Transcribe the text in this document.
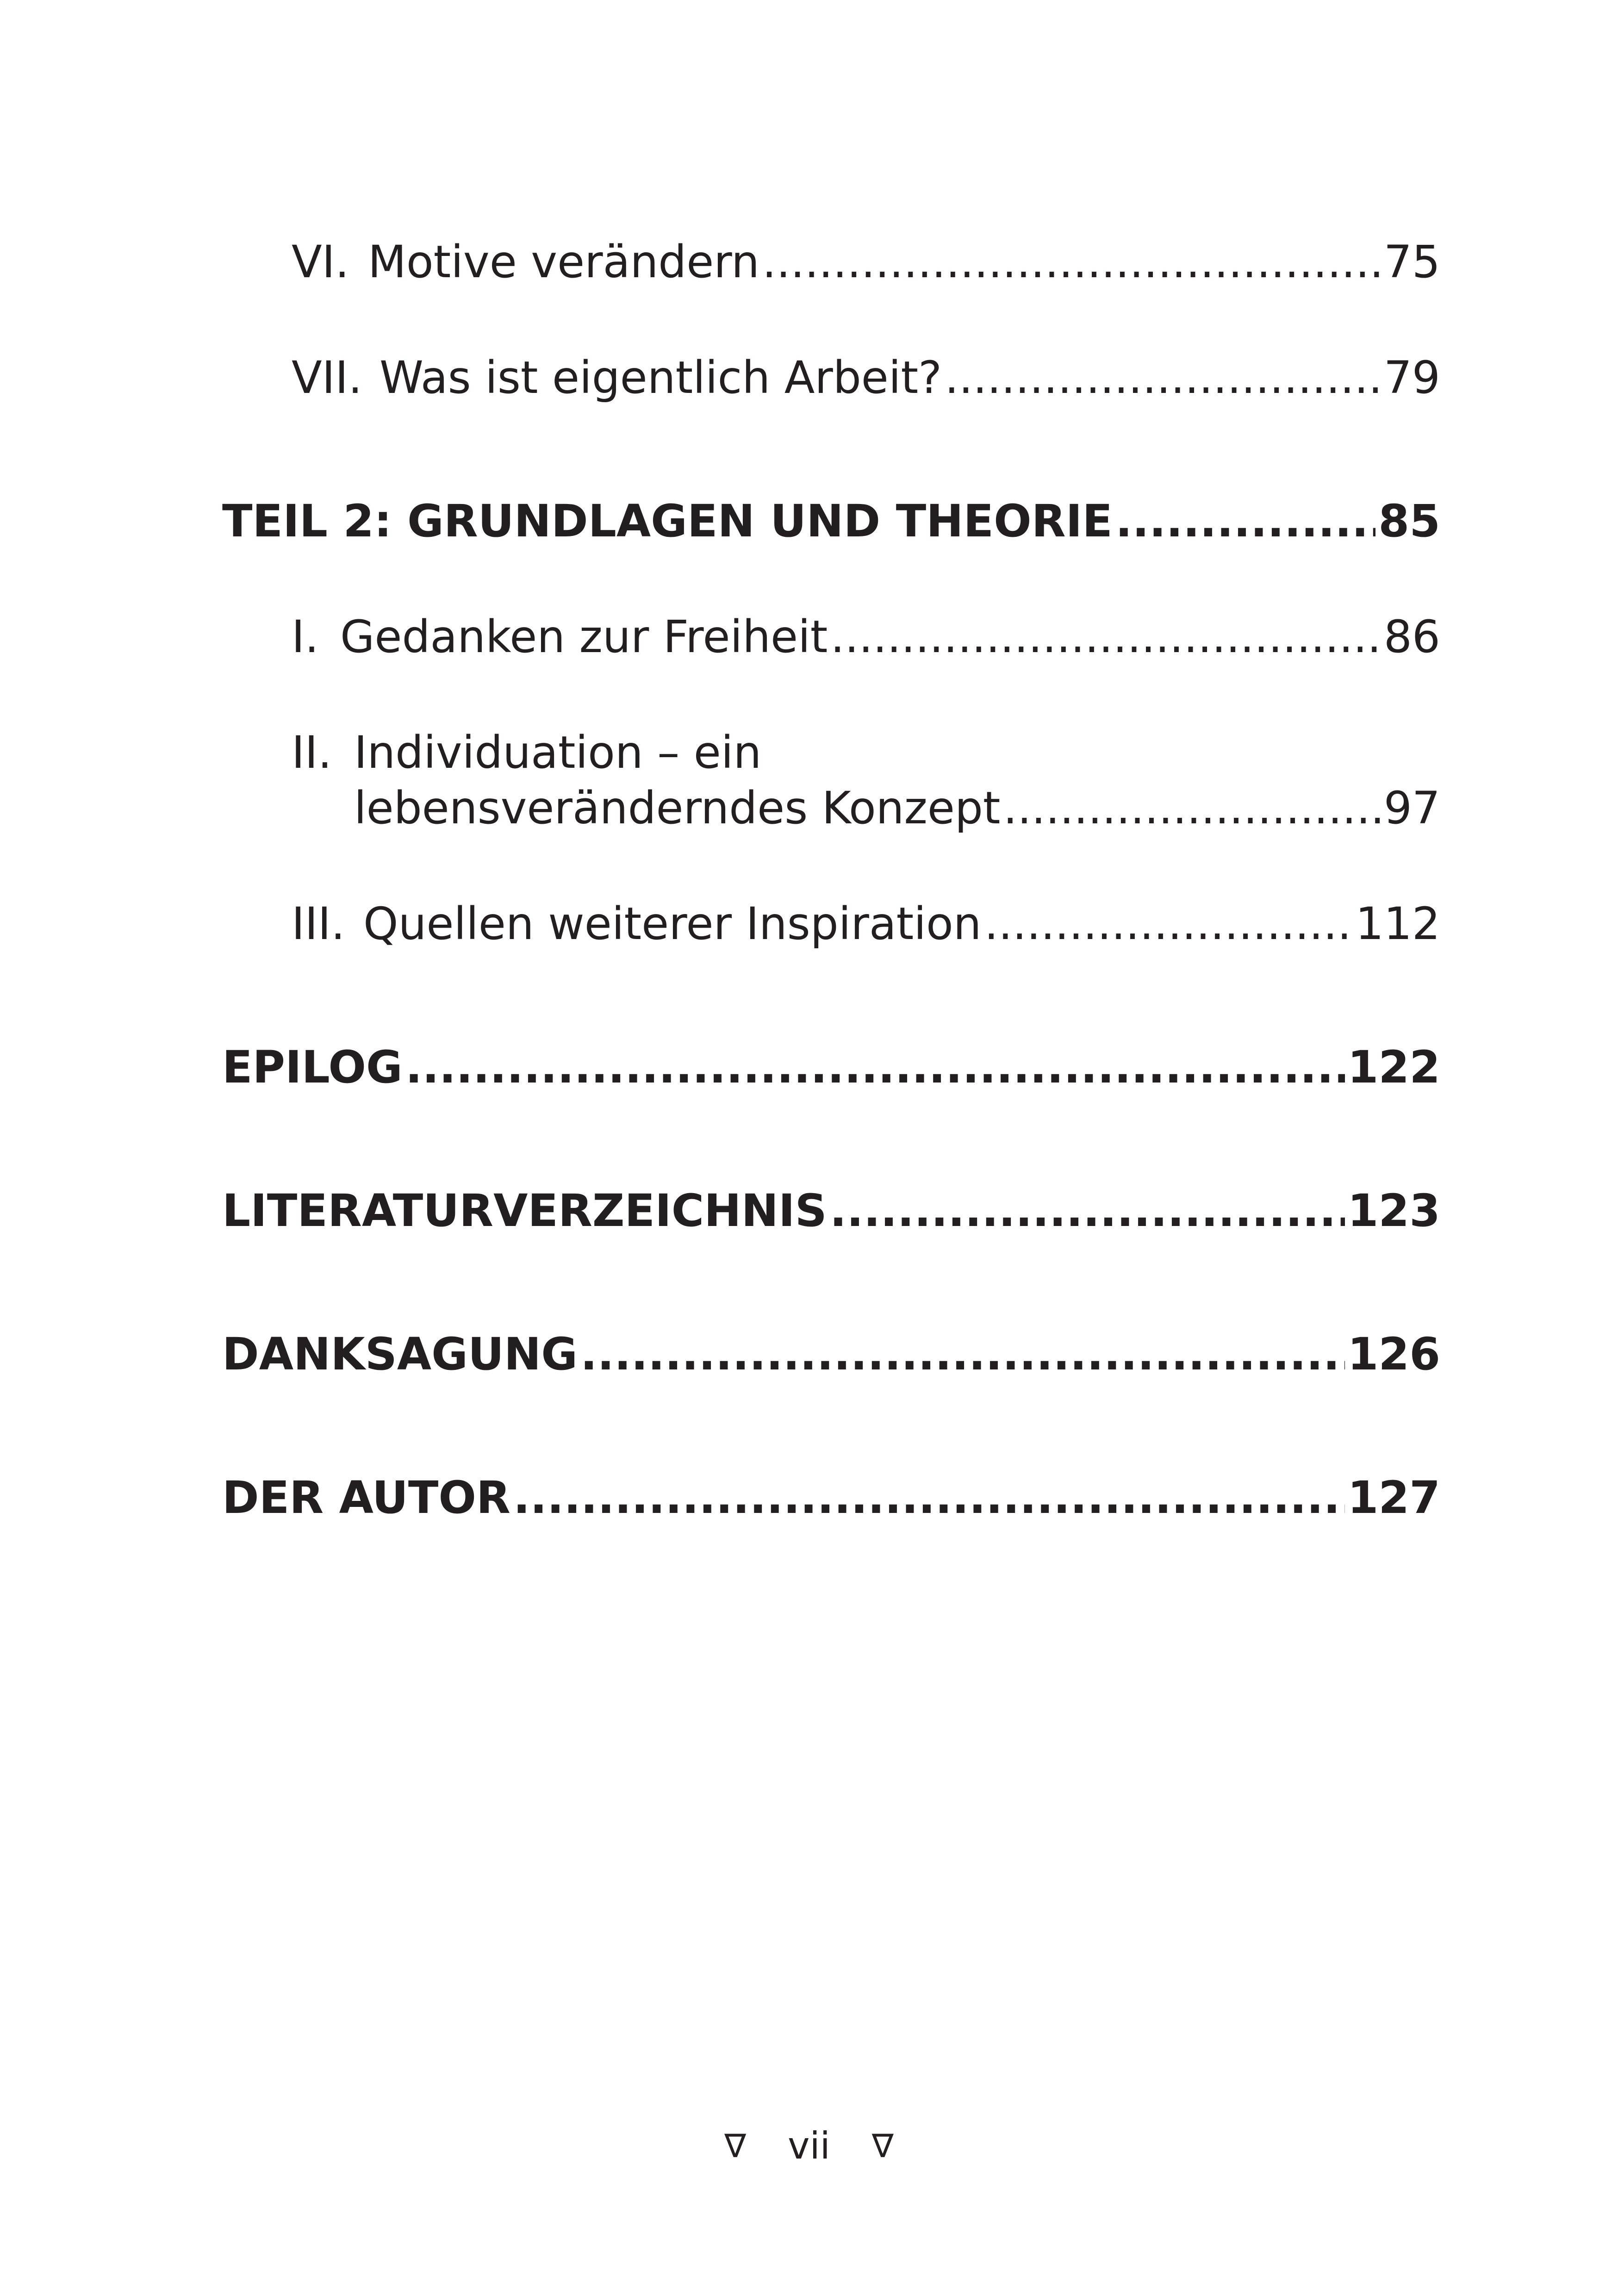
VI. Motive verändern .....	75
VII. Was ist eigentlich Arbeit? .....	79
TEIL 2: GRUNDLAGEN UND THEORIE .....	85
I. Gedanken zur Freiheit .....	86
II. Individuation – ein
lebensveränderndes Konzept .....	97
III. Quellen weiterer Inspiration .....	112
EPILOG .....	122
LITERATURVERZEICHNIS .....	123
DANKSAGUNG .....	126
DER AUTOR .....	127
∇ vii ∇
